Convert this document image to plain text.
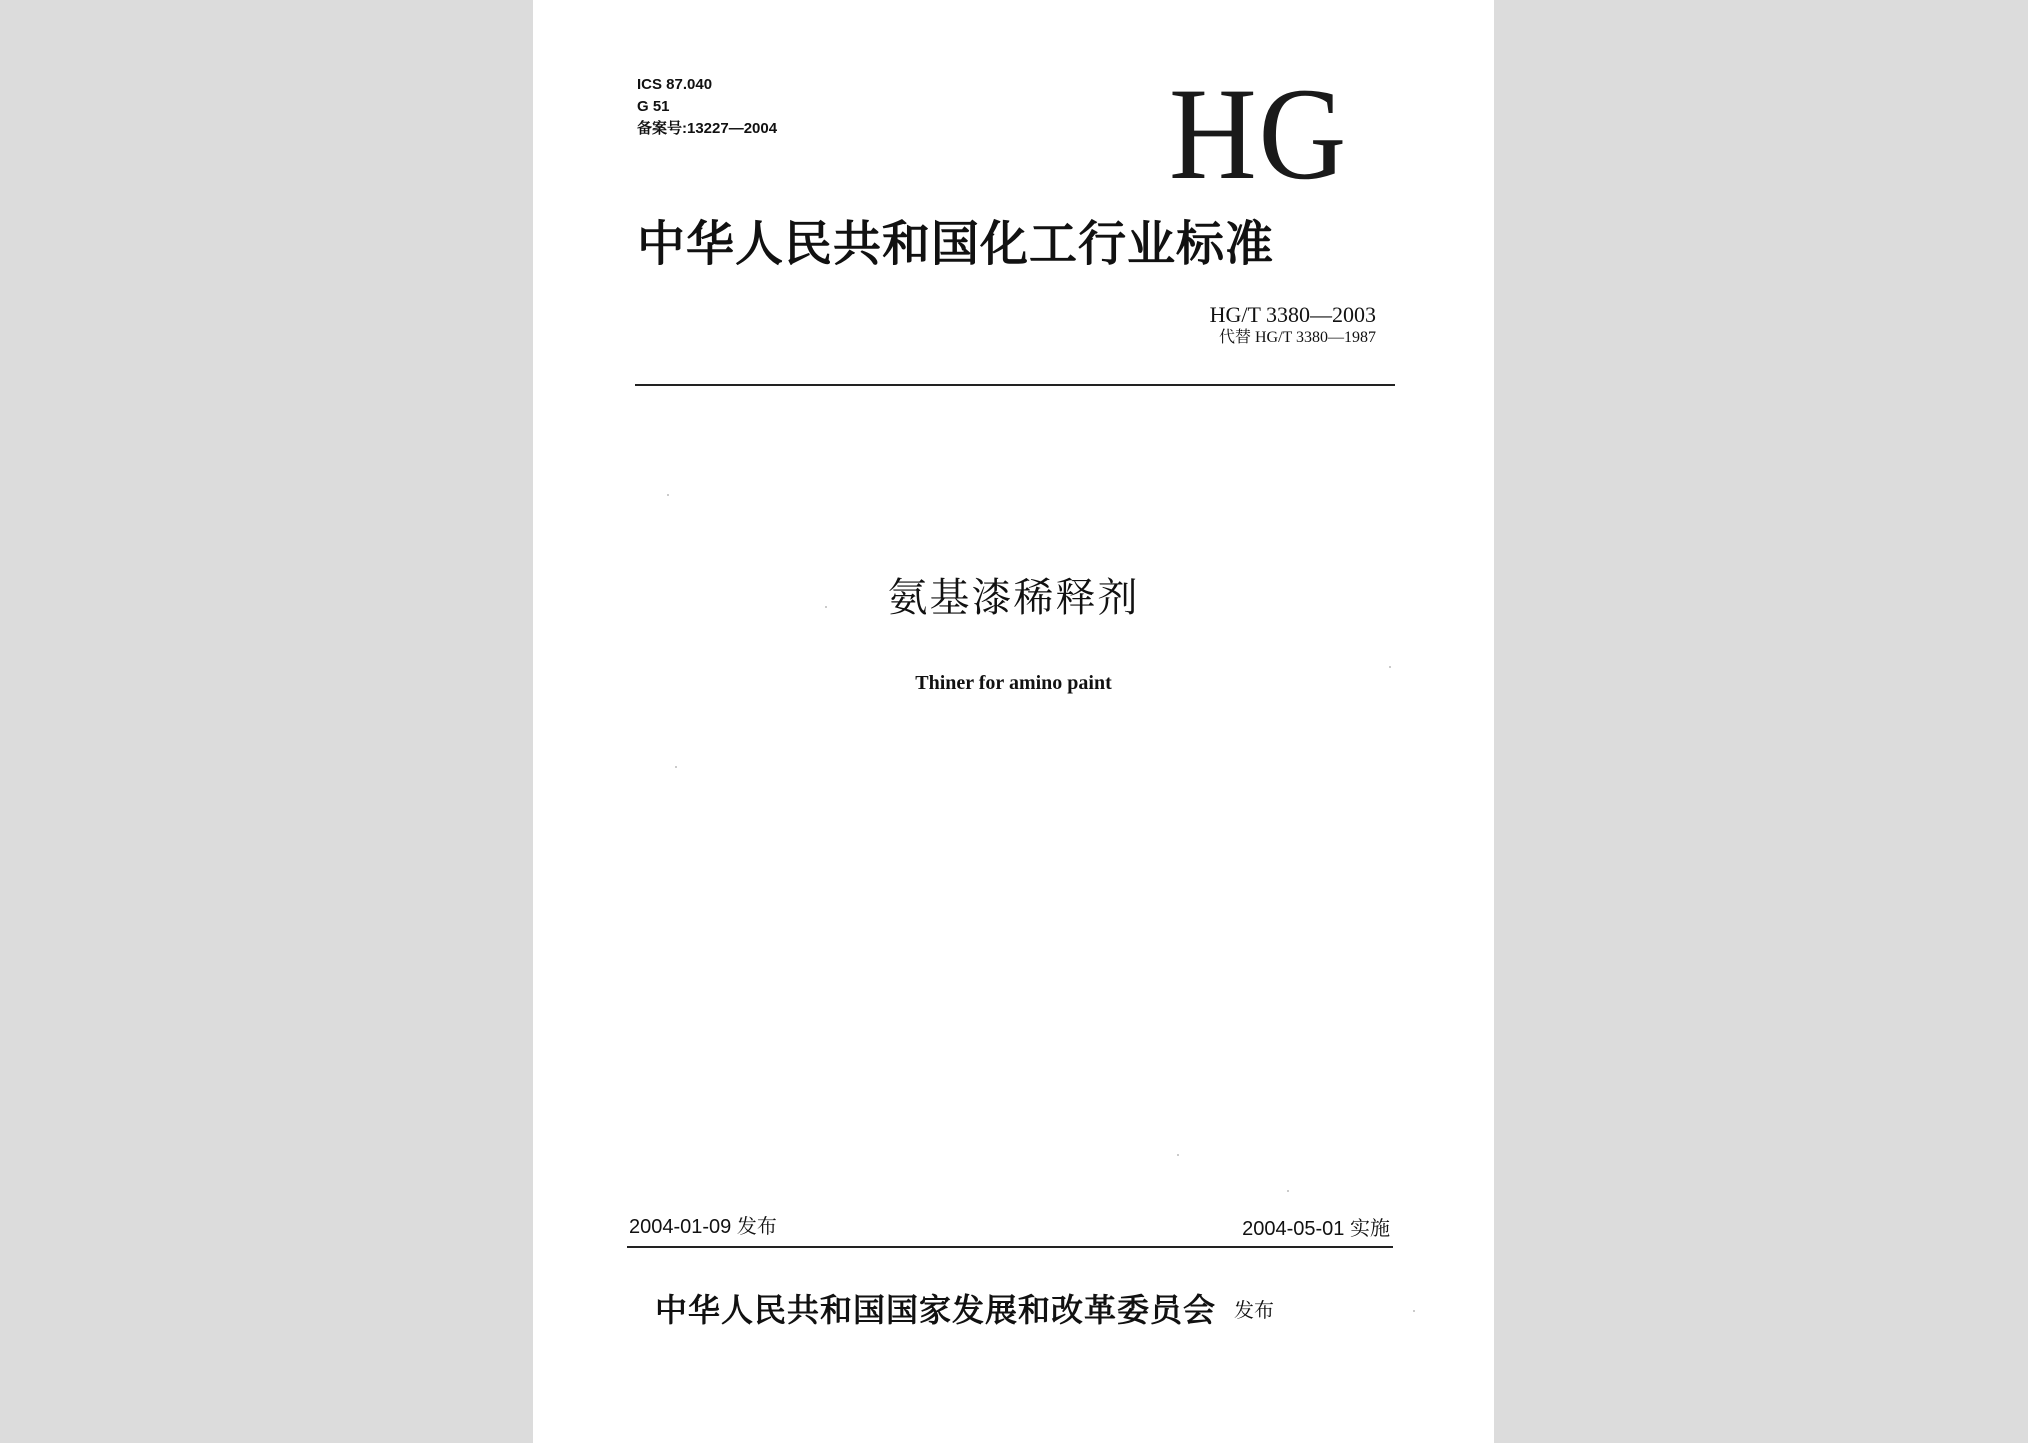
ICS 87.040
G 51
备案号:13227—2004	HG
中华人民共和国化工行业标准
HG/T 3380—2003
代替 HG/T 3380—1987
氨基漆稀释剂
Thiner for amino paint
2004-01-09 发布	2004-05-01 实施
中华人民共和国国家发展和改革委员会 发布
